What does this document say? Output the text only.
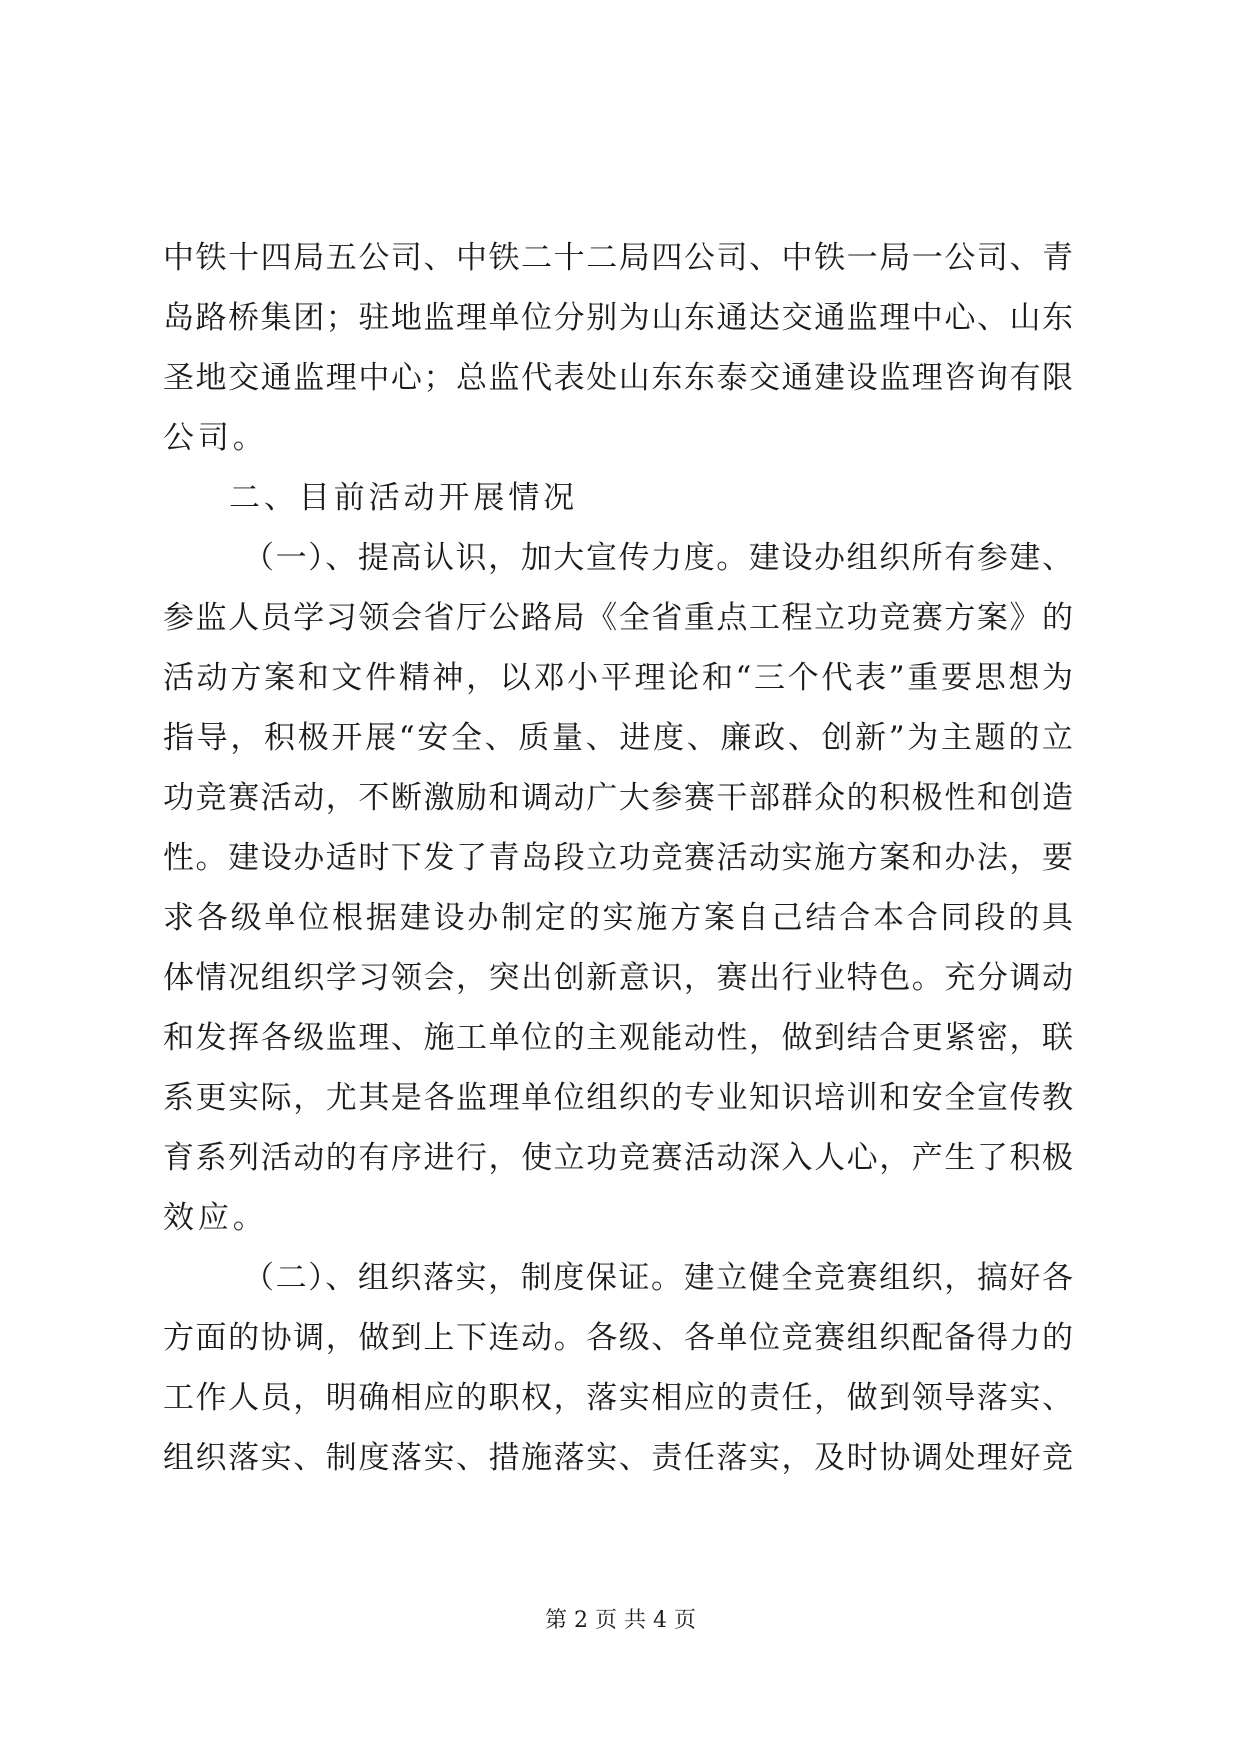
中铁十四局五公司、中铁二十二局四公司、中铁一局一公司、青
岛路桥集团；驻地监理单位分别为山东通达交通监理中心、山东
圣地交通监理中心；总监代表处山东东泰交通建设监理咨询有限
公司。
二、目前活动开展情况
（一）、提高认识，加大宣传力度。建设办组织所有参建、
参监人员学习领会省厅公路局《全省重点工程立功竞赛方案》的
活动方案和文件精神，以邓小平理论和“三个代表”重要思想为
指导，积极开展“安全、质量、进度、廉政、创新”为主题的立
功竞赛活动，不断激励和调动广大参赛干部群众的积极性和创造
性。建设办适时下发了青岛段立功竞赛活动实施方案和办法，要
求各级单位根据建设办制定的实施方案自己结合本合同段的具
体情况组织学习领会，突出创新意识，赛出行业特色。充分调动
和发挥各级监理、施工单位的主观能动性，做到结合更紧密，联
系更实际，尤其是各监理单位组织的专业知识培训和安全宣传教
育系列活动的有序进行，使立功竞赛活动深入人心，产生了积极
效应。
（二）、组织落实，制度保证。建立健全竞赛组织，搞好各
方面的协调，做到上下连动。各级、各单位竞赛组织配备得力的
工作人员，明确相应的职权，落实相应的责任，做到领导落实、
组织落实、制度落实、措施落实、责任落实，及时协调处理好竞
第 2 页 共 4 页
